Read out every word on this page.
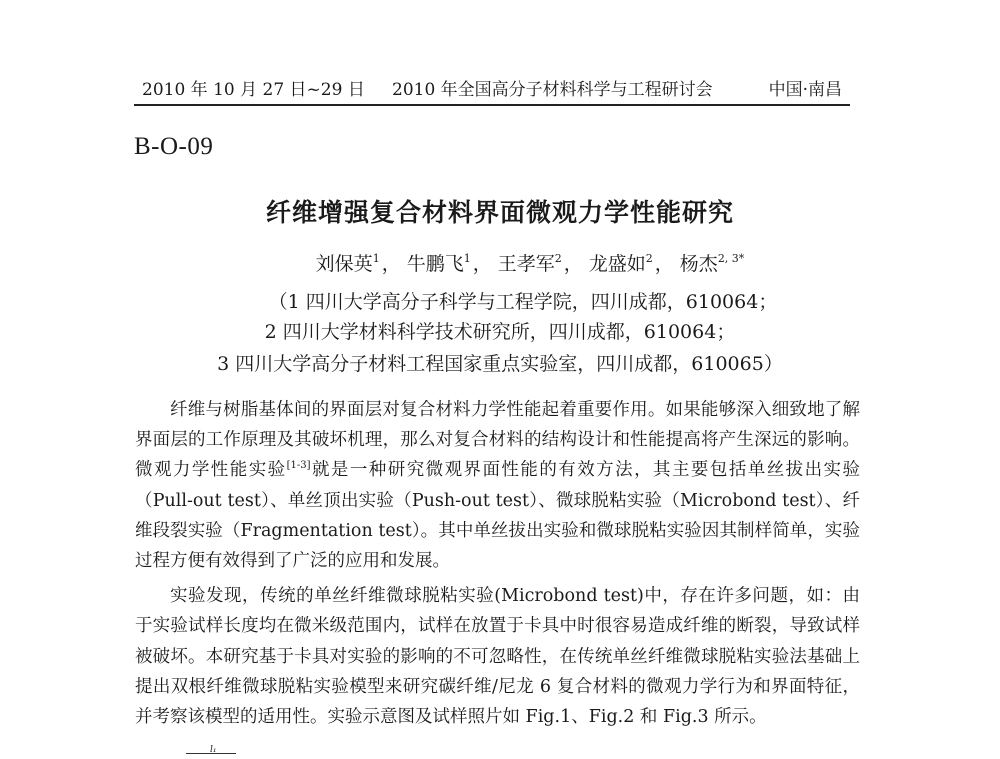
2010 年 10 月 27 日~29 日 2010 年全国高分子材料科学与工程研讨会	中国·南昌
B-O-09
纤维增强复合材料界面微观力学性能研究
刘保英$^1$ ， 牛鹏飞$^1$ ， 王孝军$^2$ ， 龙盛如$^2$ ， 杨杰$^{2, 3*}$
（1 四川大学高分子科学与工程学院，四川成都，610064；
2 四川大学材料科学技术研究所，四川成都，610064；
3 四川大学高分子材料工程国家重点实验室，四川成都，610065）

纤维与树脂基体间的界面层对复合材料力学性能起着重要作用。如果能够深入细致地了解界面层的工作原理及其破坏机理，那么对复合材料的结构设计和性能提高将产生深远的影响。微观力学性能实验[1-3]就是一种研究微观界面性能的有效方法，其主要包括单丝拔出实验（Pull-out test）、单丝顶出实验（Push-out test）、微球脱粘实验（Microbond test）、纤维段裂实验（Fragmentation test）。其中单丝拔出实验和微球脱粘实验因其制样简单，实验过程方便有效得到了广泛的应用和发展。

实验发现，传统的单丝纤维微球脱粘实验(Microbond test)中，存在许多问题，如：由于实验试样长度均在微米级范围内，试样在放置于卡具中时很容易造成纤维的断裂，导致试样被破坏。本研究基于卡具对实验的影响的不可忽略性，在传统单丝纤维微球脱粘实验法基础上提出双根纤维微球脱粘实验模型来研究碳纤维/尼龙 6 复合材料的微观力学行为和界面特征，并考察该模型的适用性。实验示意图及试样照片如 Fig.1、Fig.2 和 Fig.3 所示。

l₁
